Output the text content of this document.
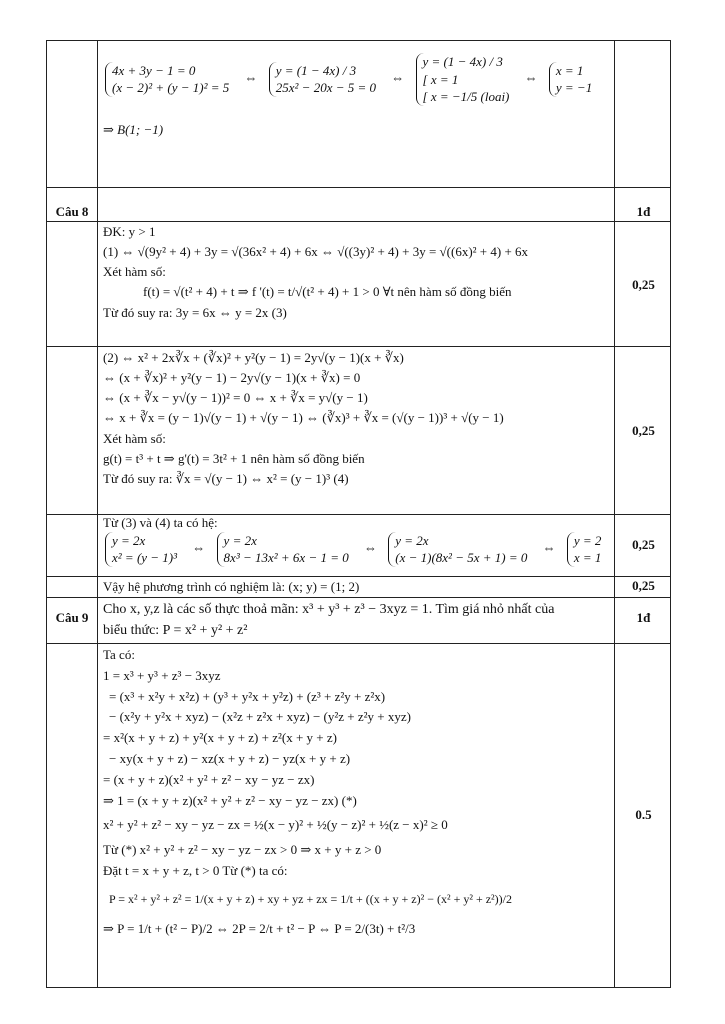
4x + 3y − 1 = 0
(x − 2)² + (y − 1)² = 5
⇔
y = (1 − 4x) / 3
25x² − 20x − 5 = 0
⇔
y = (1 − 4x) / 3
[ x = 1
[ x = −1/5 (loai)
⇔
x = 1
y = −1
⇒ B(1; −1)
Câu 8	1đ
ĐK: y > 1
(1) ⇔ √(9y² + 4) + 3y = √(36x² + 4) + 6x ⇔ √((3y)² + 4) + 3y = √((6x)² + 4) + 6x
Xét hàm số:
f(t) = √(t² + 4) + t ⇒ f '(t) = t/√(t² + 4) + 1 > 0 ∀t nên hàm số đồng biến
Từ đó suy ra: 3y = 6x ⇔ y = 2x (3)
0,25
(2) ⇔ x² + 2x∛x + (∛x)² + y²(y − 1) = 2y√(y − 1)(x + ∛x)
⇔ (x + ∛x)² + y²(y − 1) − 2y√(y − 1)(x + ∛x) = 0
⇔ (x + ∛x − y√(y − 1))² = 0 ⇔ x + ∛x = y√(y − 1)
⇔ x + ∛x = (y − 1)√(y − 1) + √(y − 1) ⇔ (∛x)³ + ∛x = (√(y − 1))³ + √(y − 1)
Xét hàm số:
g(t) = t³ + t ⇒ g'(t) = 3t² + 1 nên hàm số đồng biến
Từ đó suy ra: ∛x = √(y − 1) ⇔ x² = (y − 1)³ (4)
0,25
Từ (3) và (4) ta có hệ:
y = 2x
x² = (y − 1)³
⇔
y = 2x
8x³ − 13x² + 6x − 1 = 0
⇔
y = 2x
(x − 1)(8x² − 5x + 1) = 0
⇔
y = 2
x = 1
0,25
Vậy hệ phương trình có nghiệm là: (x; y) = (1; 2)	0,25
Câu 9
Cho x, y,z là các số thực thoả mãn: x³ + y³ + z³ − 3xyz = 1. Tìm giá nhỏ nhất của
biểu thức: P = x² + y² + z²
1đ
Ta có:
1 = x³ + y³ + z³ − 3xyz
= (x³ + x²y + x²z) + (y³ + y²x + y²z) + (z³ + z²y + z²x)
− (x²y + y²x + xyz) − (x²z + z²x + xyz) − (y²z + z²y + xyz)
= x²(x + y + z) + y²(x + y + z) + z²(x + y + z)
− xy(x + y + z) − xz(x + y + z) − yz(x + y + z)
= (x + y + z)(x² + y² + z² − xy − yz − zx)
⇒ 1 = (x + y + z)(x² + y² + z² − xy − yz − zx) (*)
x² + y² + z² − xy − yz − zx = ½(x − y)² + ½(y − z)² + ½(z − x)² ≥ 0
Từ (*) x² + y² + z² − xy − yz − zx > 0 ⇒ x + y + z > 0
Đặt t = x + y + z, t > 0 Từ (*) ta có:
P = x² + y² + z² = 1/(x + y + z) + xy + yz + zx = 1/t + ((x + y + z)² − (x² + y² + z²))/2
⇒ P = 1/t + (t² − P)/2 ⇔ 2P = 2/t + t² − P ⇔ P = 2/(3t) + t²/3
0.5
